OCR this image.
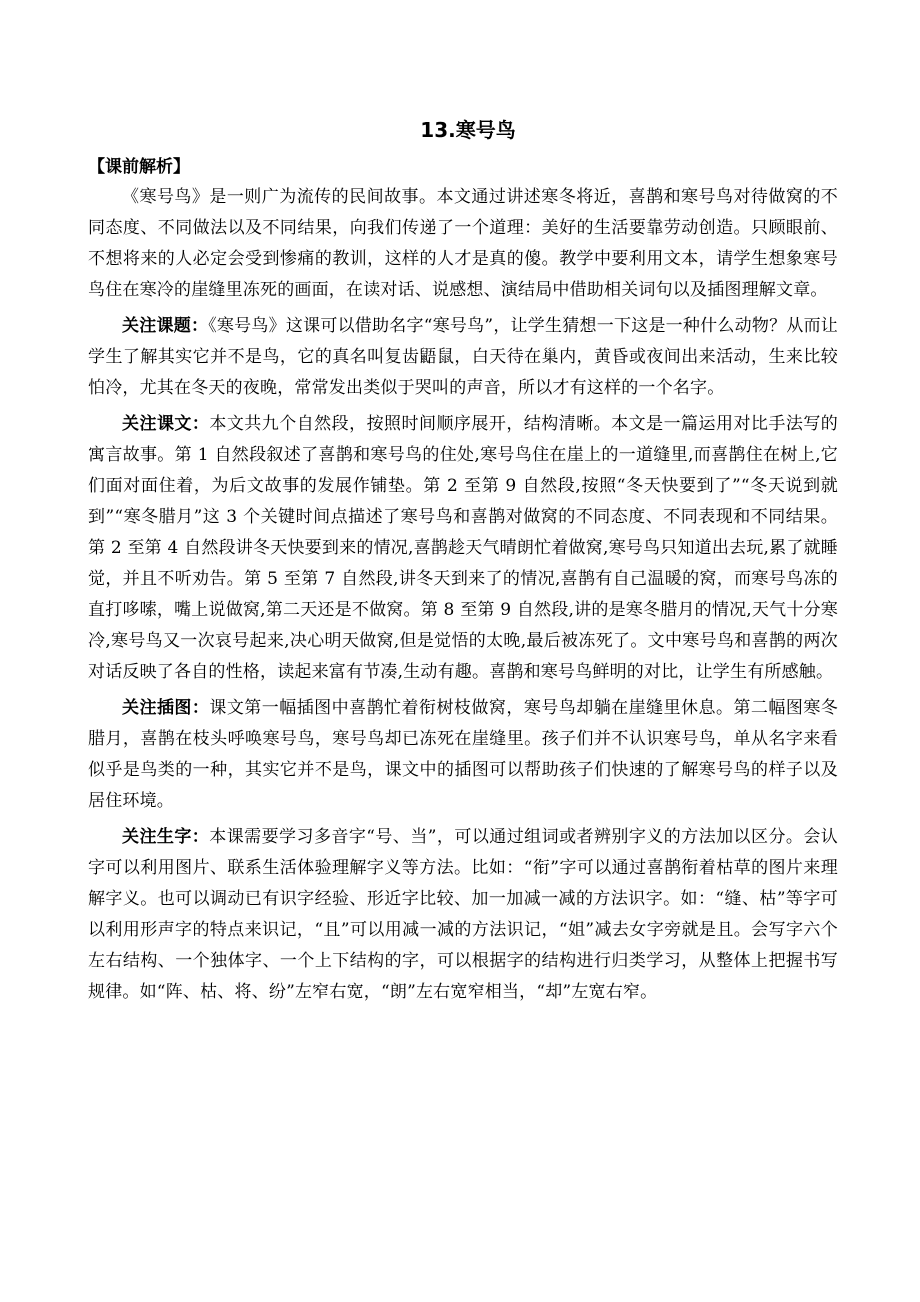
13.寒号鸟
【课前解析】

《寒号鸟》是一则广为流传的民间故事。本文通过讲述寒冬将近，喜鹊和寒号鸟对待做窝的不同态度、不同做法以及不同结果，向我们传递了一个道理：美好的生活要靠劳动创造。只顾眼前、不想将来的人必定会受到惨痛的教训，这样的人才是真的傻。教学中要利用文本，请学生想象寒号鸟住在寒冷的崖缝里冻死的画面，在读对话、说感想、演结局中借助相关词句以及插图理解文章。

关注课题：《寒号鸟》这课可以借助名字“寒号鸟”，让学生猜想一下这是一种什么动物？从而让学生了解其实它并不是鸟，它的真名叫复齿鼯鼠，白天待在巢内，黄昏或夜间出来活动，生来比较怕冷，尤其在冬天的夜晚，常常发出类似于哭叫的声音，所以才有这样的一个名字。

关注课文：本文共九个自然段，按照时间顺序展开，结构清晰。本文是一篇运用对比手法写的寓言故事。第 1 自然段叙述了喜鹊和寒号鸟的住处,寒号鸟住在崖上的一道缝里,而喜鹊住在树上,它们面对面住着，为后文故事的发展作铺垫。第 2 至第 9 自然段,按照“冬天快要到了”“冬天说到就到”“寒冬腊月”这 3 个关键时间点描述了寒号鸟和喜鹊对做窝的不同态度、不同表现和不同结果。第 2 至第 4 自然段讲冬天快要到来的情况,喜鹊趁天气晴朗忙着做窝,寒号鸟只知道出去玩,累了就睡觉，并且不听劝告。第 5 至第 7 自然段,讲冬天到来了的情况,喜鹊有自己温暖的窝，而寒号鸟冻的直打哆嗦，嘴上说做窝,第二天还是不做窝。第 8 至第 9 自然段,讲的是寒冬腊月的情况,天气十分寒冷,寒号鸟又一次哀号起来,决心明天做窝,但是觉悟的太晚,最后被冻死了。文中寒号鸟和喜鹊的两次对话反映了各自的性格，读起来富有节凑,生动有趣。喜鹊和寒号鸟鲜明的对比，让学生有所感触。

关注插图：课文第一幅插图中喜鹊忙着衔树枝做窝，寒号鸟却躺在崖缝里休息。第二幅图寒冬腊月，喜鹊在枝头呼唤寒号鸟，寒号鸟却已冻死在崖缝里。孩子们并不认识寒号鸟，单从名字来看似乎是鸟类的一种，其实它并不是鸟，课文中的插图可以帮助孩子们快速的了解寒号鸟的样子以及居住环境。

关注生字：本课需要学习多音字“号、当”，可以通过组词或者辨别字义的方法加以区分。会认字可以利用图片、联系生活体验理解字义等方法。比如：“衔”字可以通过喜鹊衔着枯草的图片来理解字义。也可以调动已有识字经验、形近字比较、加一加减一减的方法识字。如：“缝、枯”等字可以利用形声字的特点来识记，“且”可以用减一减的方法识记，“姐”减去女字旁就是且。会写字六个左右结构、一个独体字、一个上下结构的字，可以根据字的结构进行归类学习，从整体上把握书写规律。如“阵、枯、将、纷”左窄右宽，“朗”左右宽窄相当，“却”左宽右窄。
